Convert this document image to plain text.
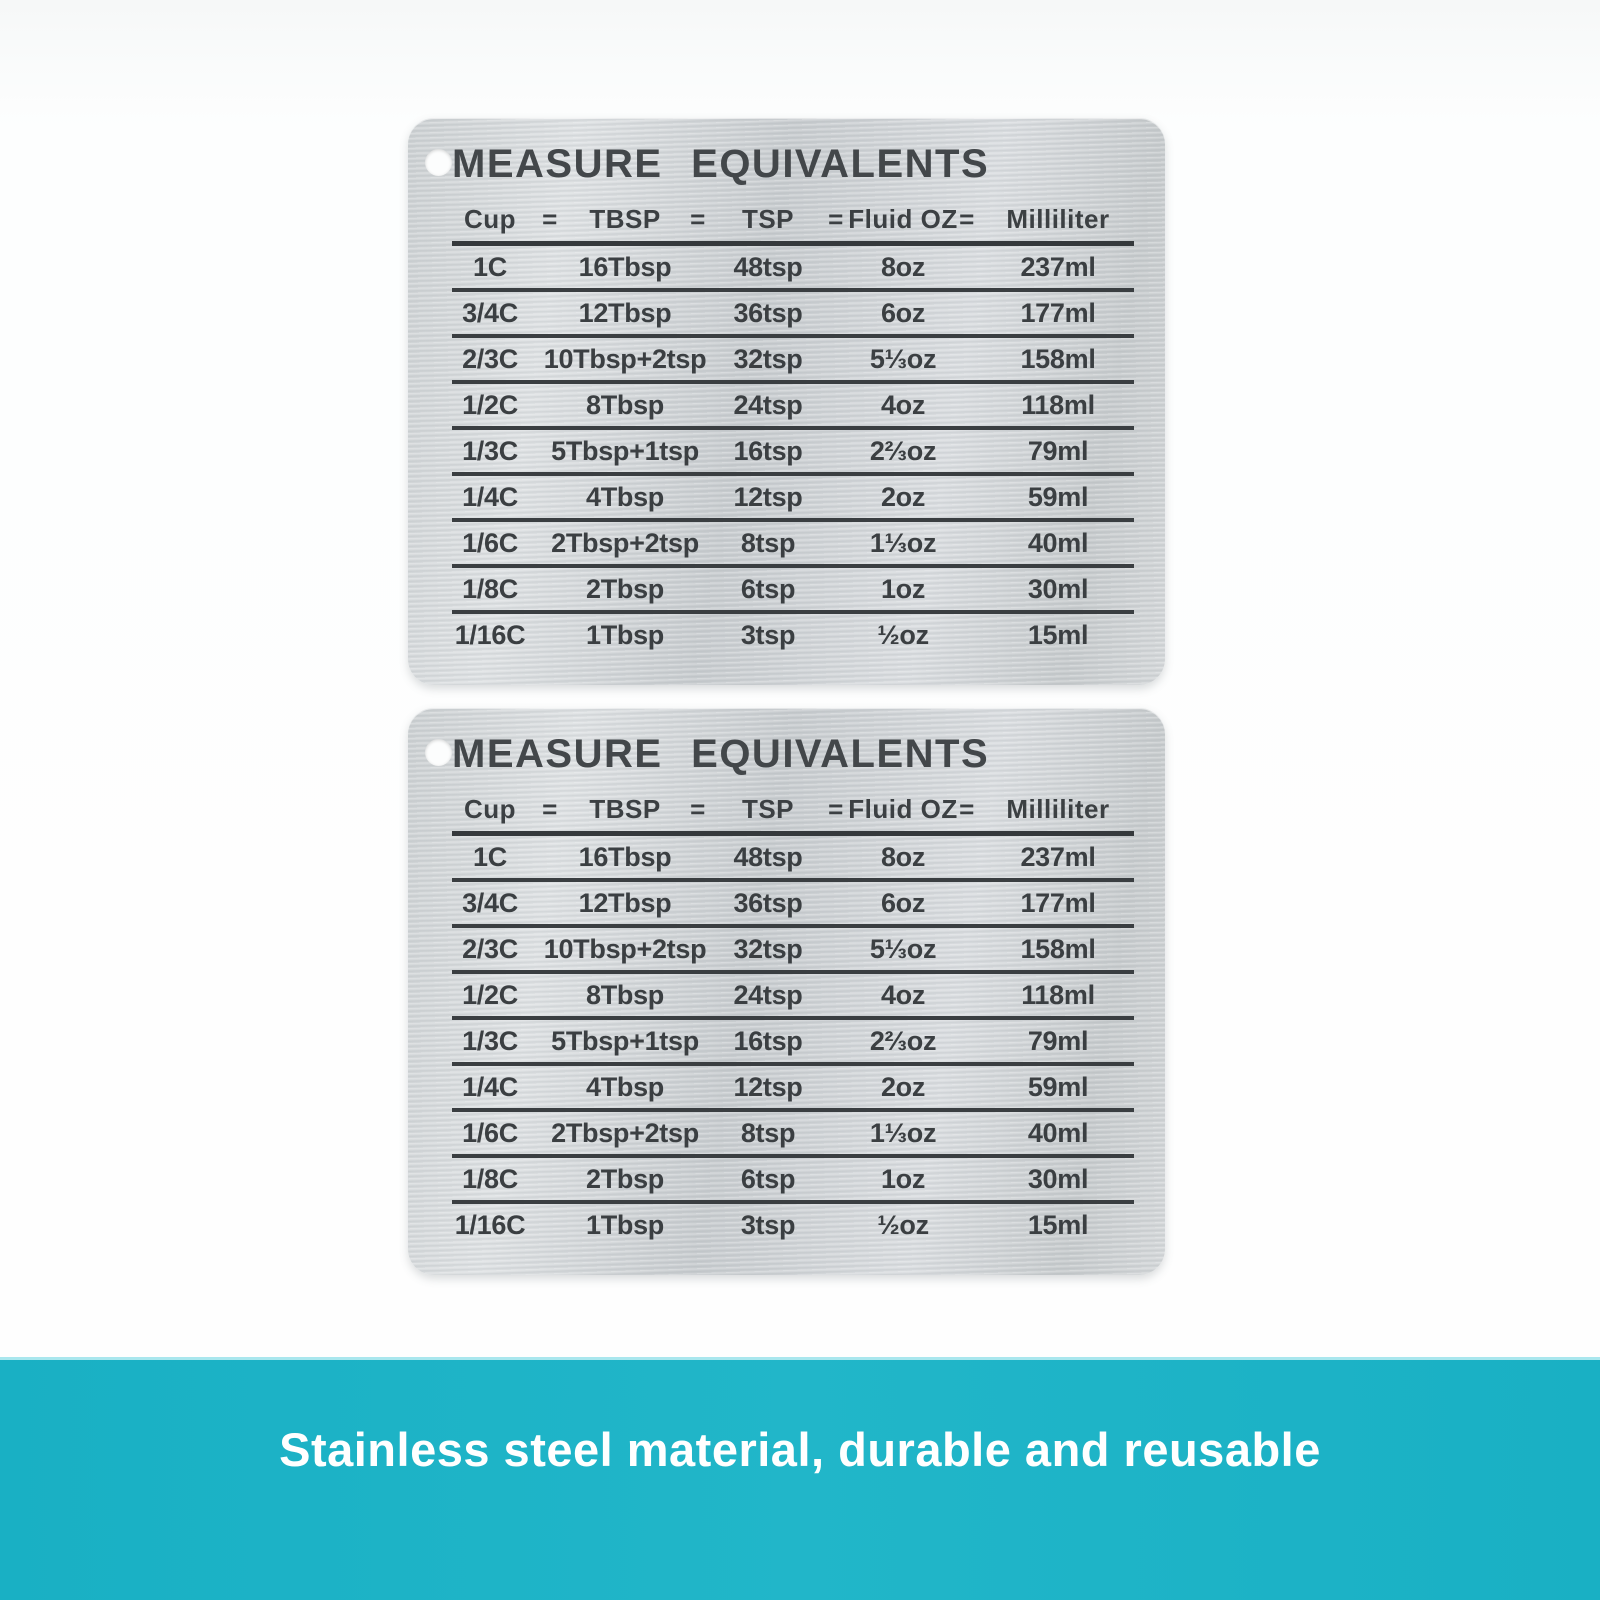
MEASURE EQUIVALENTS
Cup	=	TBSP	=	TSP	= Fluid OZ =	Milliliter
1C	16Tbsp	48tsp	8oz	237ml
3/4C	12Tbsp	36tsp	6oz	177ml
2/3C 10Tbsp+2tsp	32tsp	5⅓oz	158ml
1/2C	8Tbsp	24tsp	4oz	118ml
1/3C	5Tbsp+1tsp	16tsp	2⅔oz	79ml
1/4C	4Tbsp	12tsp	2oz	59ml
1/6C	2Tbsp+2tsp	8tsp	1⅓oz	40ml
1/8C	2Tbsp	6tsp	1oz	30ml
1/16C	1Tbsp	3tsp	½oz	15ml
MEASURE EQUIVALENTS
Cup	=	TBSP	=	TSP	= Fluid OZ =	Milliliter
1C	16Tbsp	48tsp	8oz	237ml
3/4C	12Tbsp	36tsp	6oz	177ml
2/3C 10Tbsp+2tsp	32tsp	5⅓oz	158ml
1/2C	8Tbsp	24tsp	4oz	118ml
1/3C	5Tbsp+1tsp	16tsp	2⅔oz	79ml
1/4C	4Tbsp	12tsp	2oz	59ml
1/6C	2Tbsp+2tsp	8tsp	1⅓oz	40ml
1/8C	2Tbsp	6tsp	1oz	30ml
1/16C	1Tbsp	3tsp	½oz	15ml
Stainless steel material, durable and reusable
